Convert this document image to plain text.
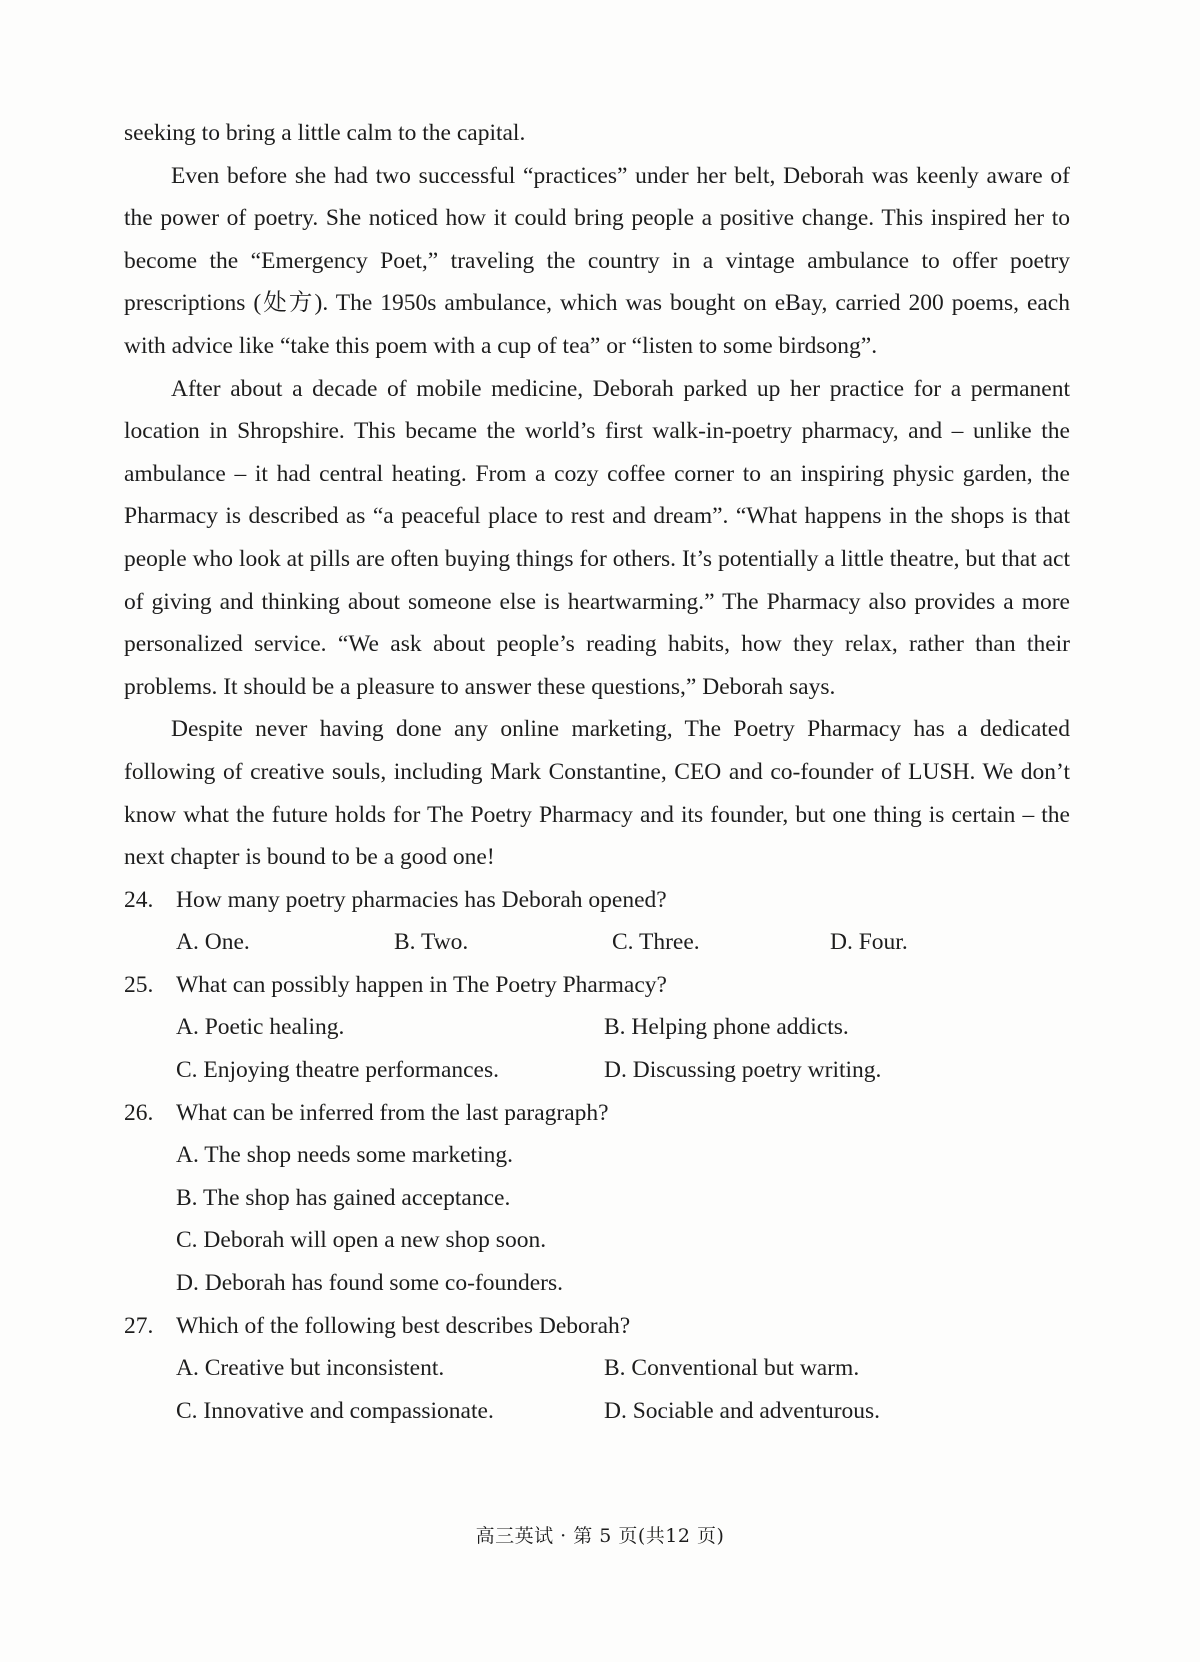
seeking to bring a little calm to the capital.

Even before she had two successful “practices” under her belt, Deborah was keenly aware of the power of poetry. She noticed how it could bring people a positive change. This inspired her to become the “Emergency Poet,” traveling the country in a vintage ambulance to offer poetry prescriptions (处方). The 1950s ambulance, which was bought on eBay, carried 200 poems, each with advice like “take this poem with a cup of tea” or “listen to some birdsong”.

After about a decade of mobile medicine, Deborah parked up her practice for a permanent location in Shropshire. This became the world’s first walk-in-poetry pharmacy, and – unlike the ambulance – it had central heating. From a cozy coffee corner to an inspiring physic garden, the Pharmacy is described as “a peaceful place to rest and dream”. “What happens in the shops is that people who look at pills are often buying things for others. It’s potentially a little theatre, but that act of giving and thinking about someone else is heartwarming.” The Pharmacy also provides a more personalized service. “We ask about people’s reading habits, how they relax, rather than their problems. It should be a pleasure to answer these questions,” Deborah says.

Despite never having done any online marketing, The Poetry Pharmacy has a dedicated following of creative souls, including Mark Constantine, CEO and co-founder of LUSH. We don’t know what the future holds for The Poetry Pharmacy and its founder, but one thing is certain – the next chapter is bound to be a good one!

24. How many poetry pharmacies has Deborah opened?
A. One.	B. Two.	C. Three.	D. Four.
25. What can possibly happen in The Poetry Pharmacy?
A. Poetic healing.	B. Helping phone addicts.
C. Enjoying theatre performances.	D. Discussing poetry writing.
26. What can be inferred from the last paragraph?
A. The shop needs some marketing.
B. The shop has gained acceptance.
C. Deborah will open a new shop soon.
D. Deborah has found some co-founders.
27. Which of the following best describes Deborah?
A. Creative but inconsistent.	B. Conventional but warm.
C. Innovative and compassionate.	D. Sociable and adventurous.
高三英试 · 第 5 页(共12 页)
